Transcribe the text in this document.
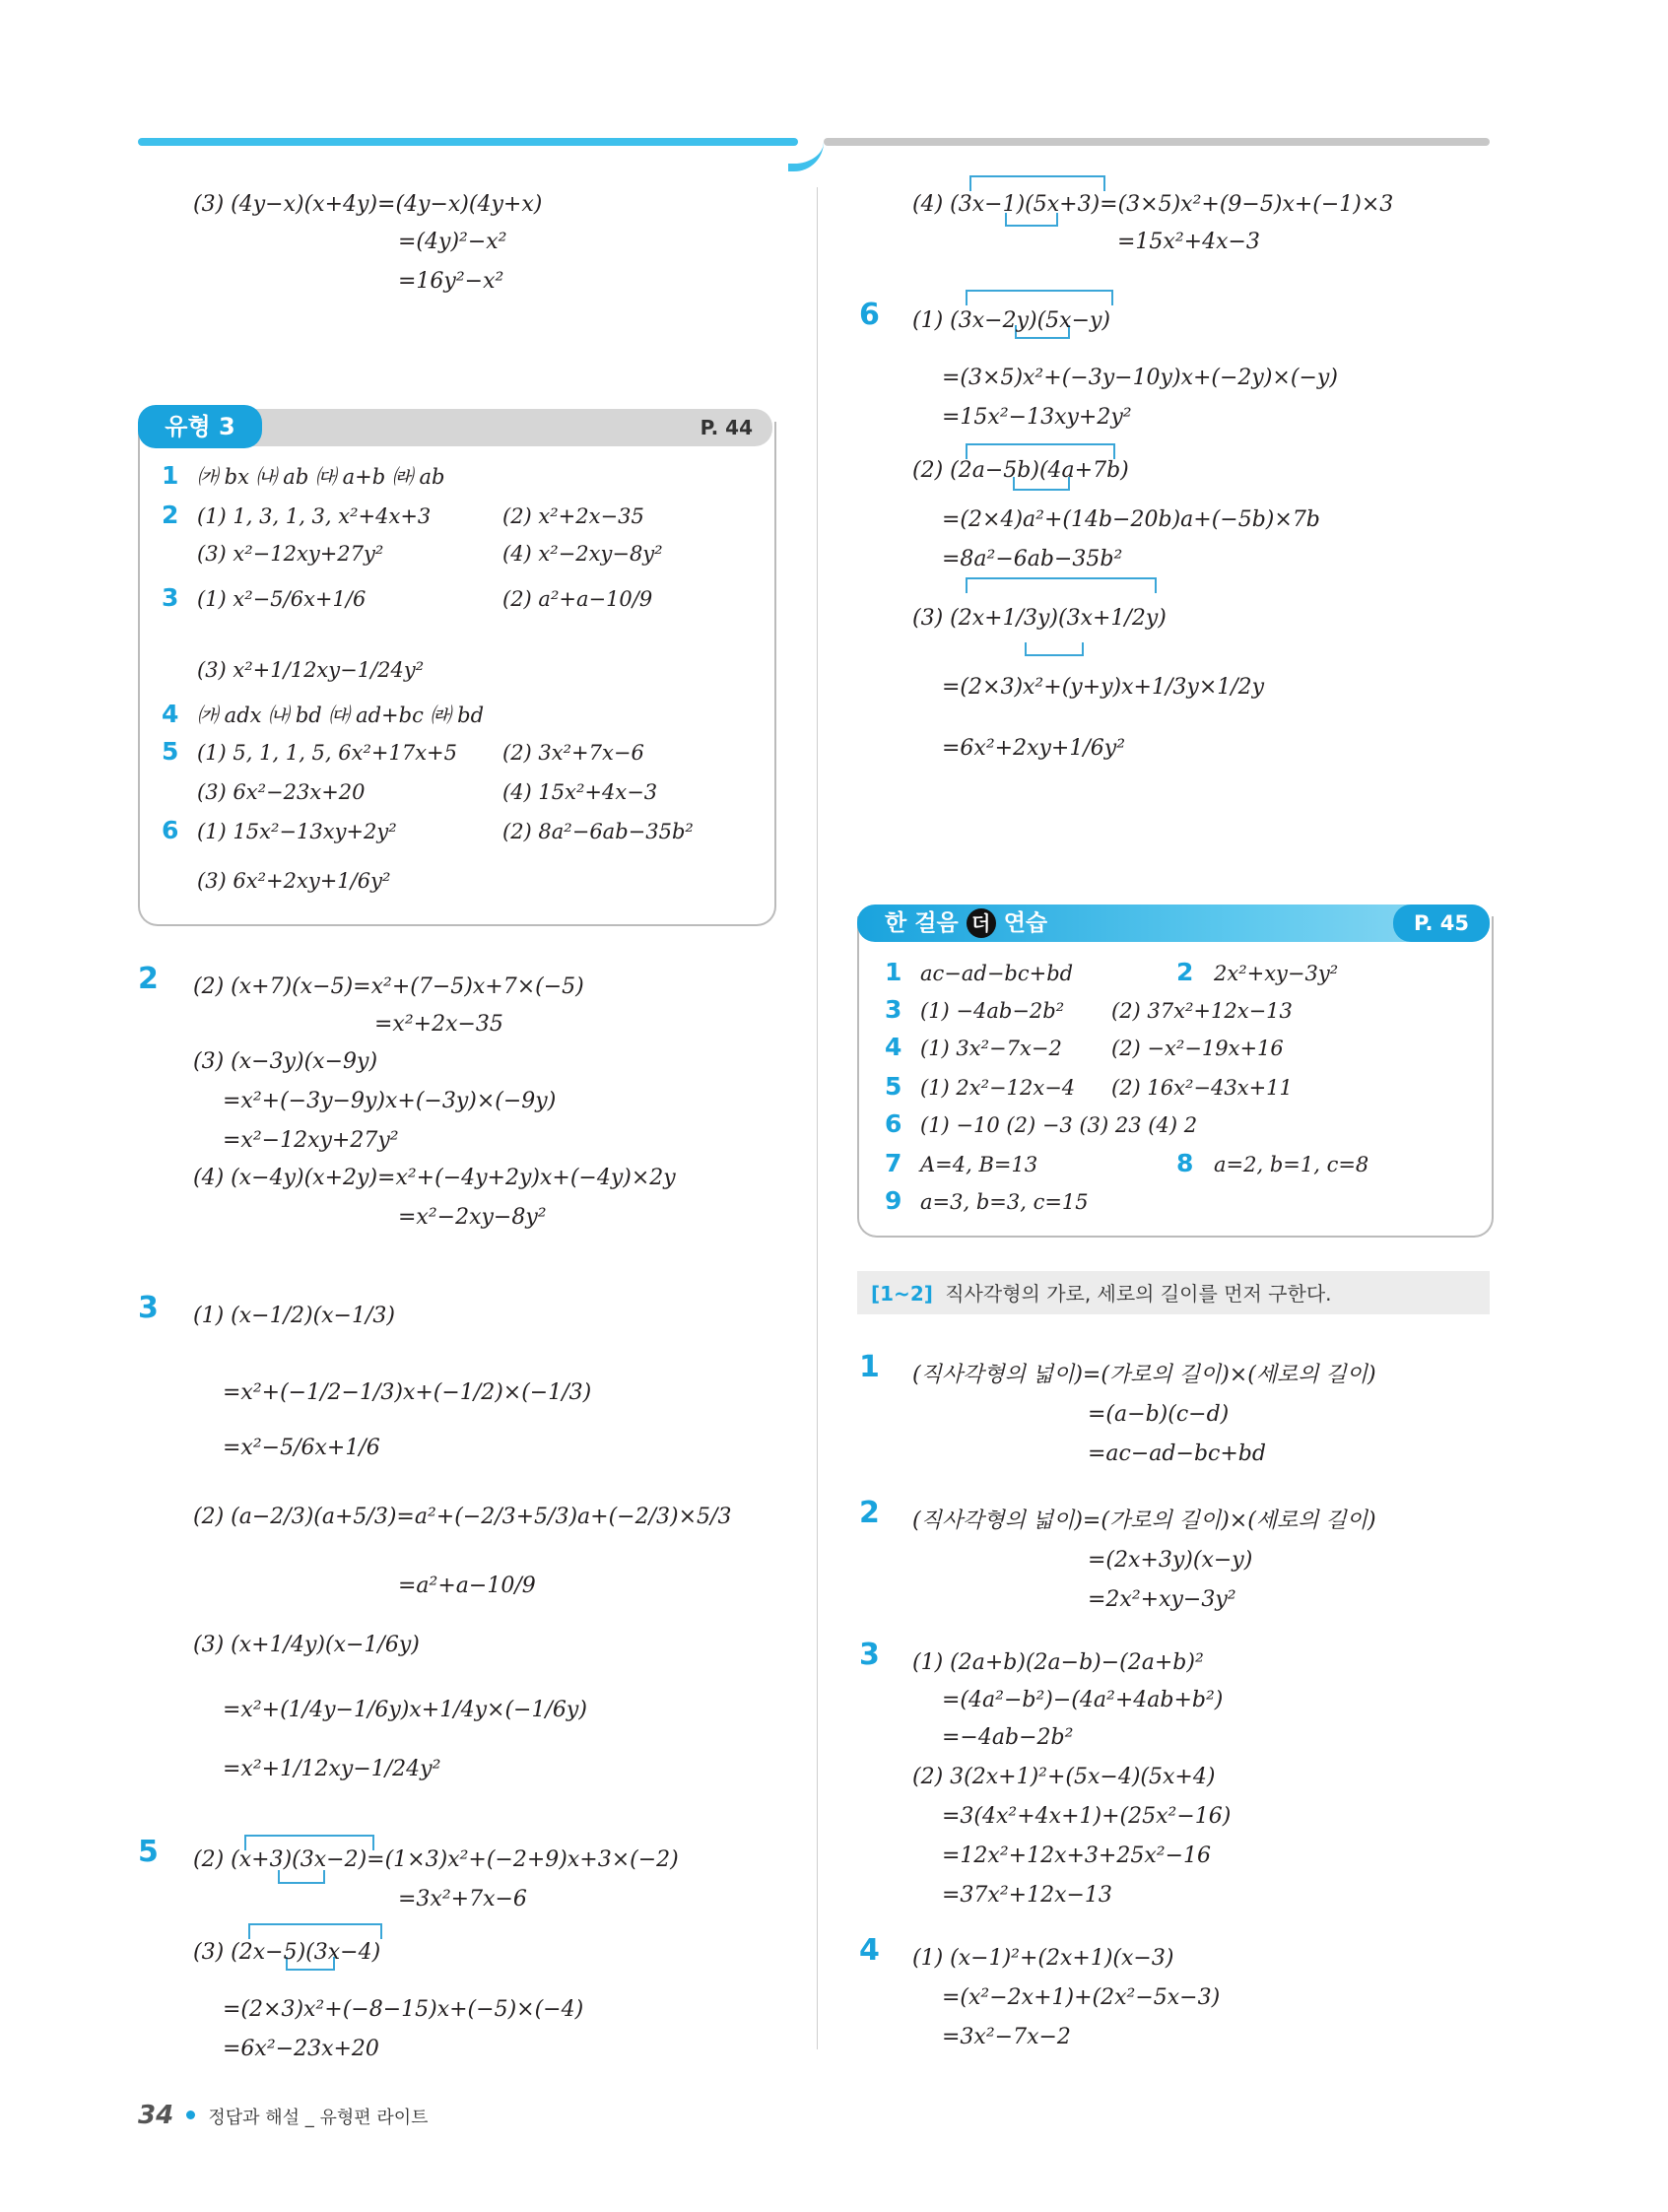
(3) (4y−x)(x+4y)=(4y−x)(4y+x)
=(4y)²−x²
=16y²−x²
P. 44
유형 3
1 ㈎ bx ㈏ ab ㈐ a+b ㈑ ab
2 (1) 1, 3, 1, 3, x²+4x+3	(2) x²+2x−35
(3) x²−12xy+27y²	(4) x²−2xy−8y²
3 (1) x²−5/6x+1/6	(2) a²+a−10/9
(3) x²+1/12xy−1/24y²
4 ㈎ adx ㈏ bd ㈐ ad+bc ㈑ bd
5 (1) 5, 1, 1, 5, 6x²+17x+5 (2) 3x²+7x−6
(3) 6x²−23x+20	(4) 15x²+4x−3
6 (1) 15x²−13xy+2y²	(2) 8a²−6ab−35b²
(3) 6x²+2xy+1/6y²
2 (2) (x+7)(x−5)=x²+(7−5)x+7×(−5)
=x²+2x−35
(3) (x−3y)(x−9y)
=x²+(−3y−9y)x+(−3y)×(−9y)
=x²−12xy+27y²
(4) (x−4y)(x+2y)=x²+(−4y+2y)x+(−4y)×2y
=x²−2xy−8y²
3 (1) (x−1/2)(x−1/3)
=x²+(−1/2−1/3)x+(−1/2)×(−1/3)
=x²−5/6x+1/6
(2) (a−2/3)(a+5/3)=a²+(−2/3+5/3)a+(−2/3)×5/3
=a²+a−10/9
(3) (x+1/4y)(x−1/6y)
=x²+(1/4y−1/6y)x+1/4y×(−1/6y)
=x²+1/12xy−1/24y²
5 (2) (x+3)(3x−2)=(1×3)x²+(−2+9)x+3×(−2)
=3x²+7x−6
(3) (2x−5)(3x−4)
=(2×3)x²+(−8−15)x+(−5)×(−4)
=6x²−23x+20
34 정답과 해설 _ 유형편 라이트
(4) (3x−1)(5x+3)=(3×5)x²+(9−5)x+(−1)×3
=15x²+4x−3
6 (1) (3x−2y)(5x−y)
=(3×5)x²+(−3y−10y)x+(−2y)×(−y)
=15x²−13xy+2y²
(2) (2a−5b)(4a+7b)
=(2×4)a²+(14b−20b)a+(−5b)×7b
=8a²−6ab−35b²
(3) (2x+1/3y)(3x+1/2y)
=(2×3)x²+(y+y)x+1/3y×1/2y
=6x²+2xy+1/6y²
한 걸음 더 연습	P. 45
1 ac−ad−bc+bd	2 2x²+xy−3y²
3 (1) −4ab−2b² (2) 37x²+12x−13
4 (1) 3x²−7x−2 (2) −x²−19x+16
5 (1) 2x²−12x−4 (2) 16x²−43x+11
6 (1) −10 (2) −3 (3) 23 (4) 2
7 A=4, B=13	8 a=2, b=1, c=8
9 a=3, b=3, c=15
[1~2] 직사각형의 가로, 세로의 길이를 먼저 구한다.
1 (직사각형의 넓이)=(가로의 길이)×(세로의 길이)
=(a−b)(c−d)
=ac−ad−bc+bd
2 (직사각형의 넓이)=(가로의 길이)×(세로의 길이)
=(2x+3y)(x−y)
=2x²+xy−3y²
3 (1) (2a+b)(2a−b)−(2a+b)²
=(4a²−b²)−(4a²+4ab+b²)
=−4ab−2b²
(2) 3(2x+1)²+(5x−4)(5x+4)
=3(4x²+4x+1)+(25x²−16)
=12x²+12x+3+25x²−16
=37x²+12x−13
4 (1) (x−1)²+(2x+1)(x−3)
=(x²−2x+1)+(2x²−5x−3)
=3x²−7x−2
